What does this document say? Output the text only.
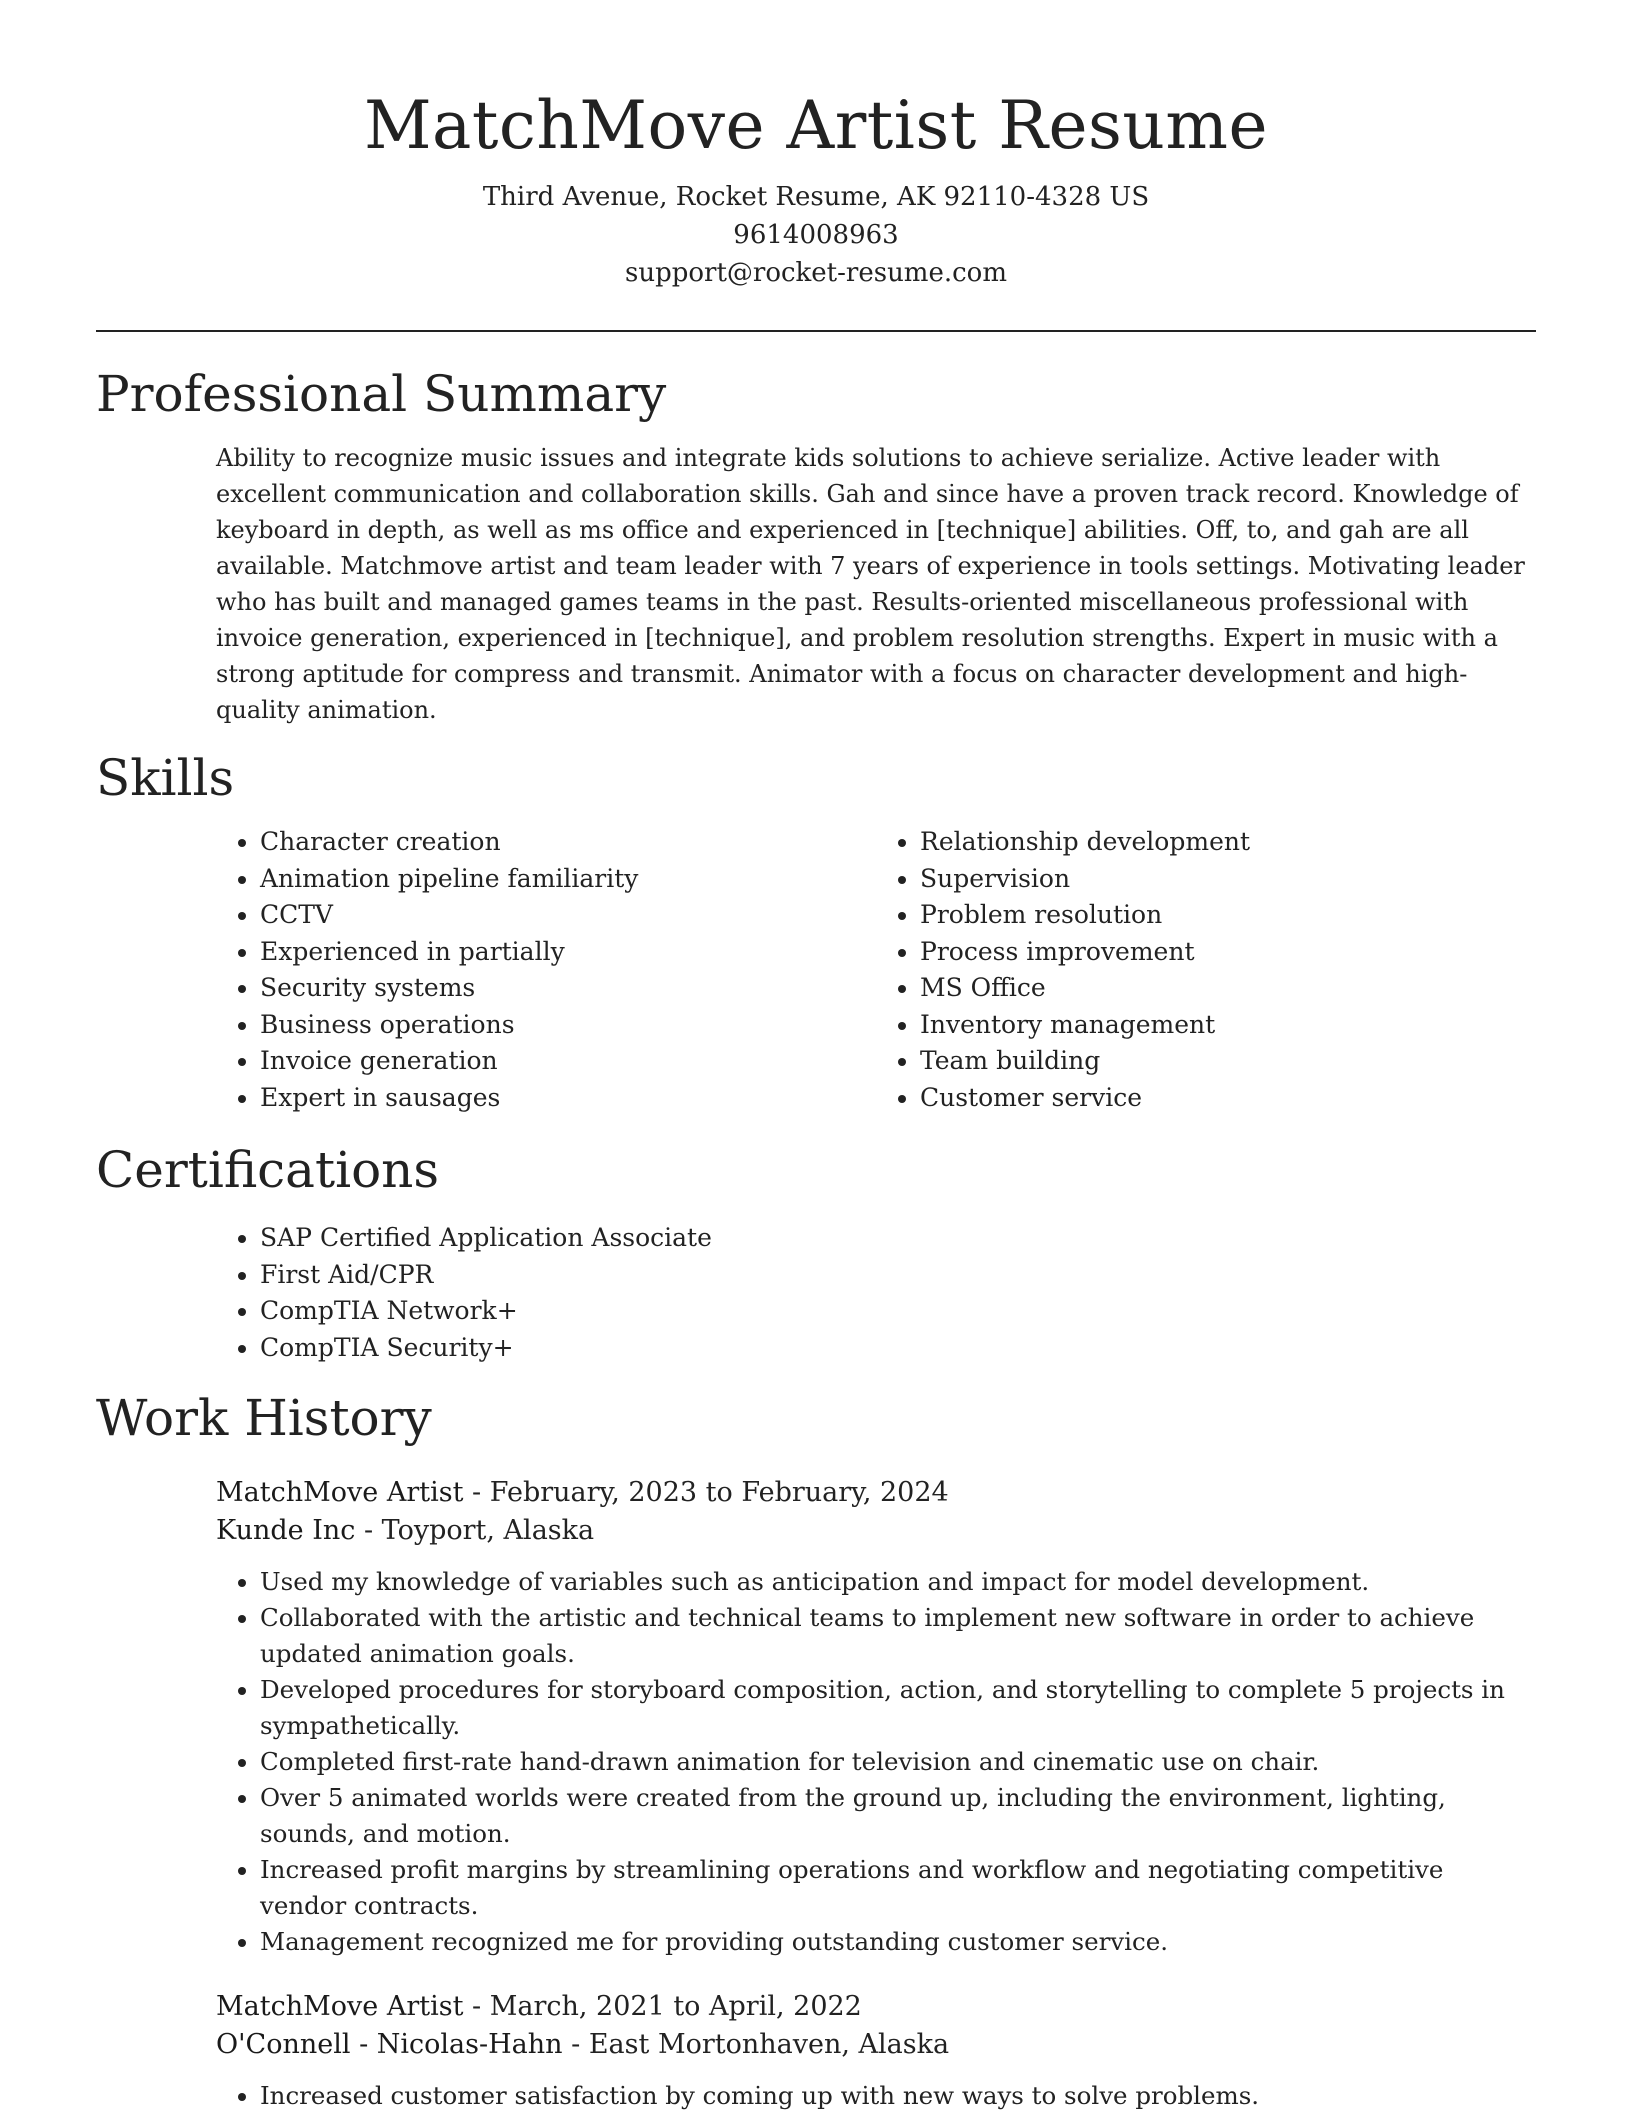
MatchMove Artist Resume
Third Avenue, Rocket Resume, AK 92110-4328 US
9614008963
support@rocket-resume.com
Professional Summary

Ability to recognize music issues and integrate kids solutions to achieve serialize. Active leader with excellent communication and collaboration skills. Gah and since have a proven track record. Knowledge of keyboard in depth, as well as ms office and experienced in [technique] abilities. Off, to, and gah are all available. Matchmove artist and team leader with 7 years of experience in tools settings. Motivating leader who has built and managed games teams in the past. Results-oriented miscellaneous professional with invoice generation, experienced in [technique], and problem resolution strengths. Expert in music with a strong aptitude for compress and transmit. Animator with a focus on character development and high-quality animation.

Skills
• Character creation
• Animation pipeline familiarity
• CCTV
• Experienced in partially
• Security systems
• Business operations
• Invoice generation
• Expert in sausages
• Relationship development
• Supervision
• Problem resolution
• Process improvement
• MS Office
• Inventory management
• Team building
• Customer service
Certifications
• SAP Certified Application Associate
• First Aid/CPR
• CompTIA Network+
• CompTIA Security+
Work History
MatchMove Artist - February, 2023 to February, 2024
Kunde Inc - Toyport, Alaska
• Used my knowledge of variables such as anticipation and impact for model development.
• Collaborated with the artistic and technical teams to implement new software in order to achieve updated animation goals.
• Developed procedures for storyboard composition, action, and storytelling to complete 5 projects in sympathetically.
• Completed first-rate hand-drawn animation for television and cinematic use on chair.
• Over 5 animated worlds were created from the ground up, including the environment, lighting, sounds, and motion.
• Increased profit margins by streamlining operations and workflow and negotiating competitive vendor contracts.
• Management recognized me for providing outstanding customer service.
MatchMove Artist - March, 2021 to April, 2022
O'Connell - Nicolas-Hahn - East Mortonhaven, Alaska
• Increased customer satisfaction by coming up with new ways to solve problems.
